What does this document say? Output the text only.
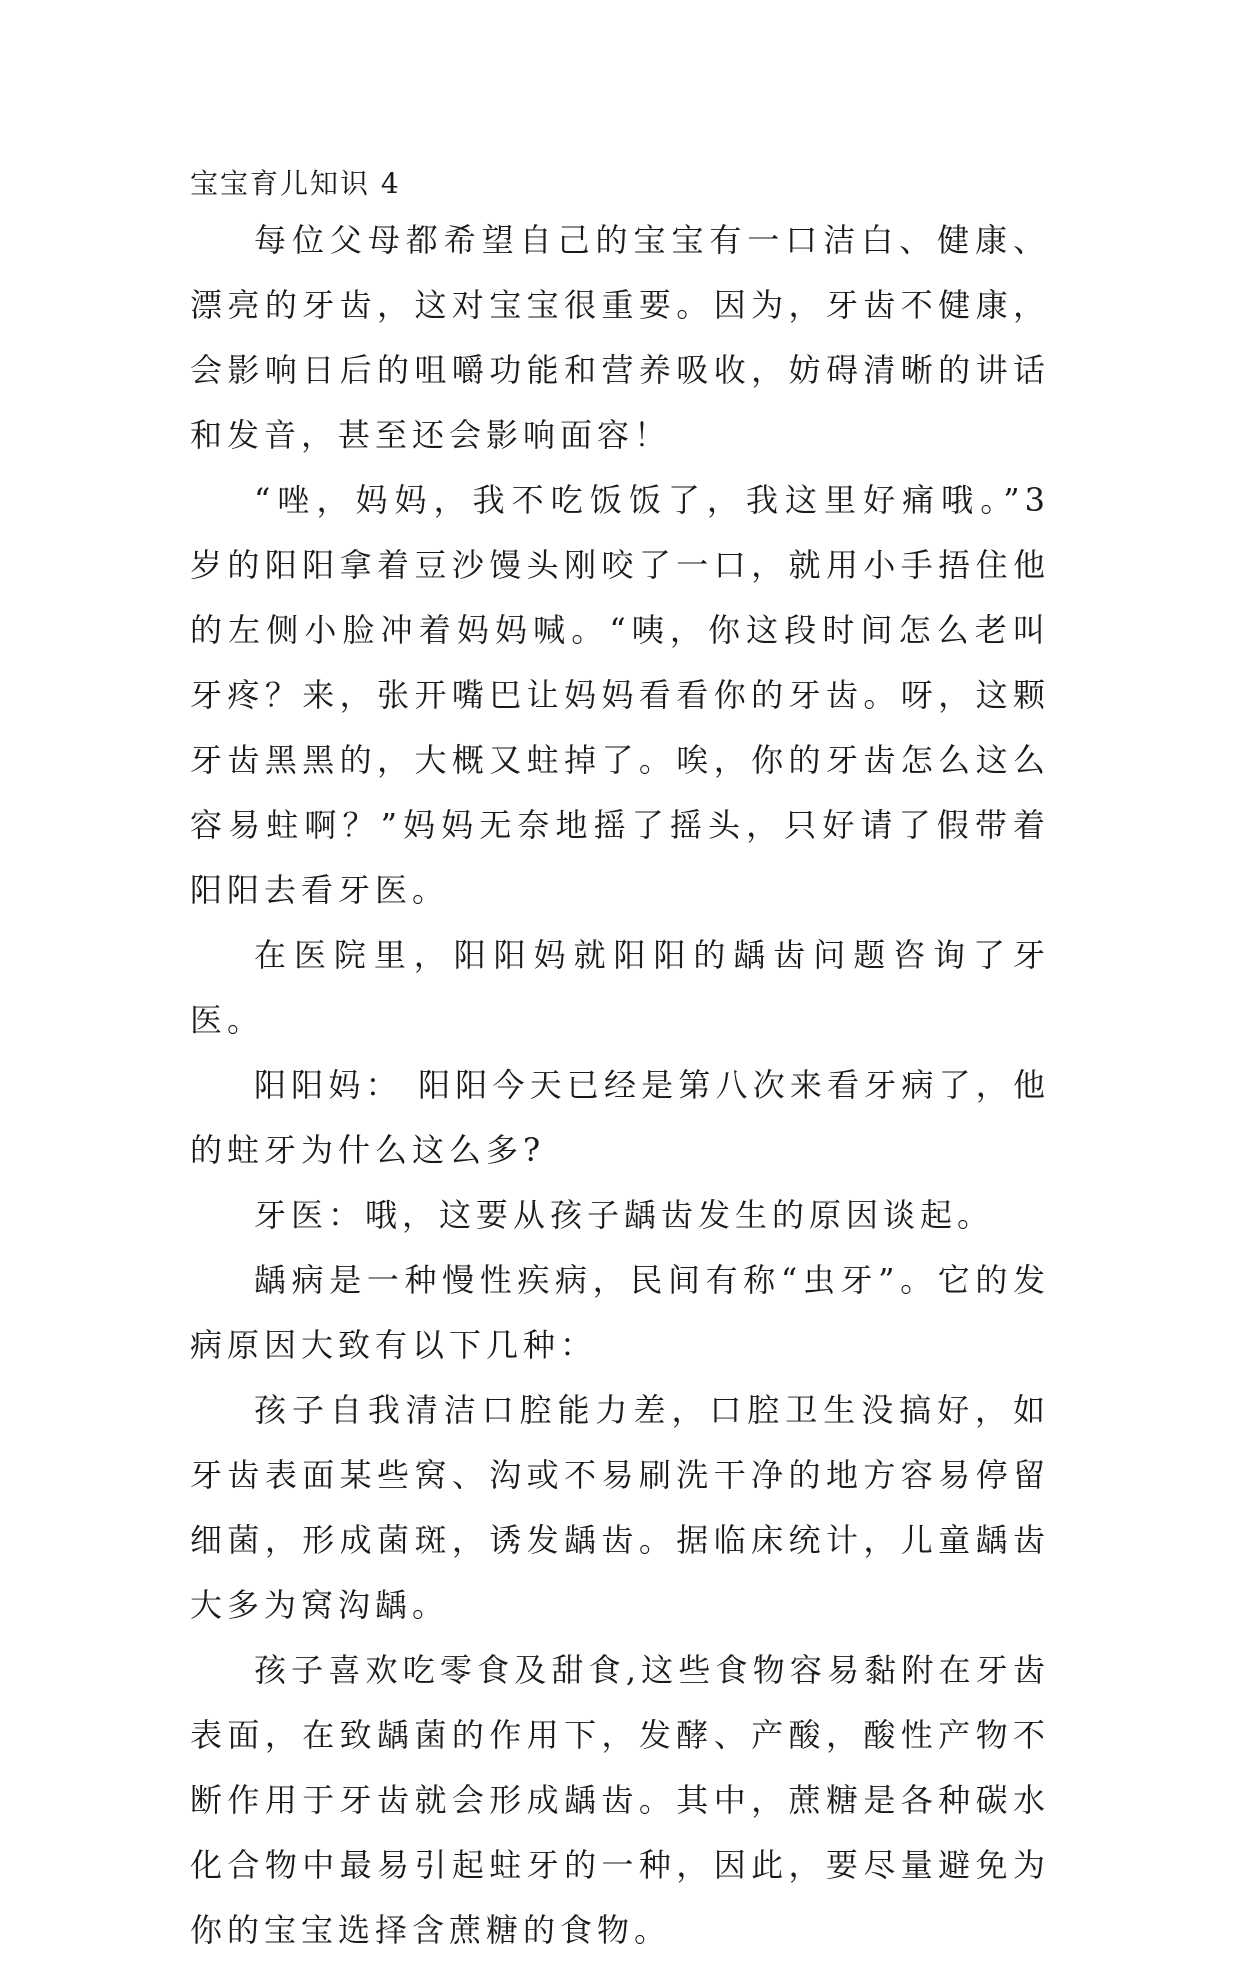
宝宝育儿知识 4

每位父母都希望自己的宝宝有一口洁白、健康、漂亮的牙齿，这对宝宝很重要。因为，牙齿不健康，会影响日后的咀嚼功能和营养吸收，妨碍清晰的讲话和发音，甚至还会影响面容！

“唑，妈妈，我不吃饭饭了，我这里好痛哦。”3 岁的阳阳拿着豆沙馒头刚咬了一口，就用小手捂住他的左侧小脸冲着妈妈喊。“咦，你这段时间怎么老叫牙疼？来，张开嘴巴让妈妈看看你的牙齿。呀，这颗牙齿黑黑的，大概又蛀掉了。唉，你的牙齿怎么这么容易蛀啊？”妈妈无奈地摇了摇头，只好请了假带着阳阳去看牙医。

在医院里，阳阳妈就阳阳的龋齿问题咨询了牙医。

阳阳妈： 阳阳今天已经是第八次来看牙病了，他的蛀牙为什么这么多?

牙医：哦，这要从孩子龋齿发生的原因谈起。

龋病是一种慢性疾病，民间有称“虫牙”。它的发病原因大致有以下几种：

孩子自我清洁口腔能力差，口腔卫生没搞好，如牙齿表面某些窝、沟或不易刷洗干净的地方容易停留细菌，形成菌斑，诱发龋齿。据临床统计，儿童龋齿大多为窝沟龋。

孩子喜欢吃零食及甜食,这些食物容易黏附在牙齿表面，在致龋菌的作用下，发酵、产酸，酸性产物不断作用于牙齿就会形成龋齿。其中，蔗糖是各种碳水化合物中最易引起蛀牙的一种，因此，要尽量避免为你的宝宝选择含蔗糖的食物。
